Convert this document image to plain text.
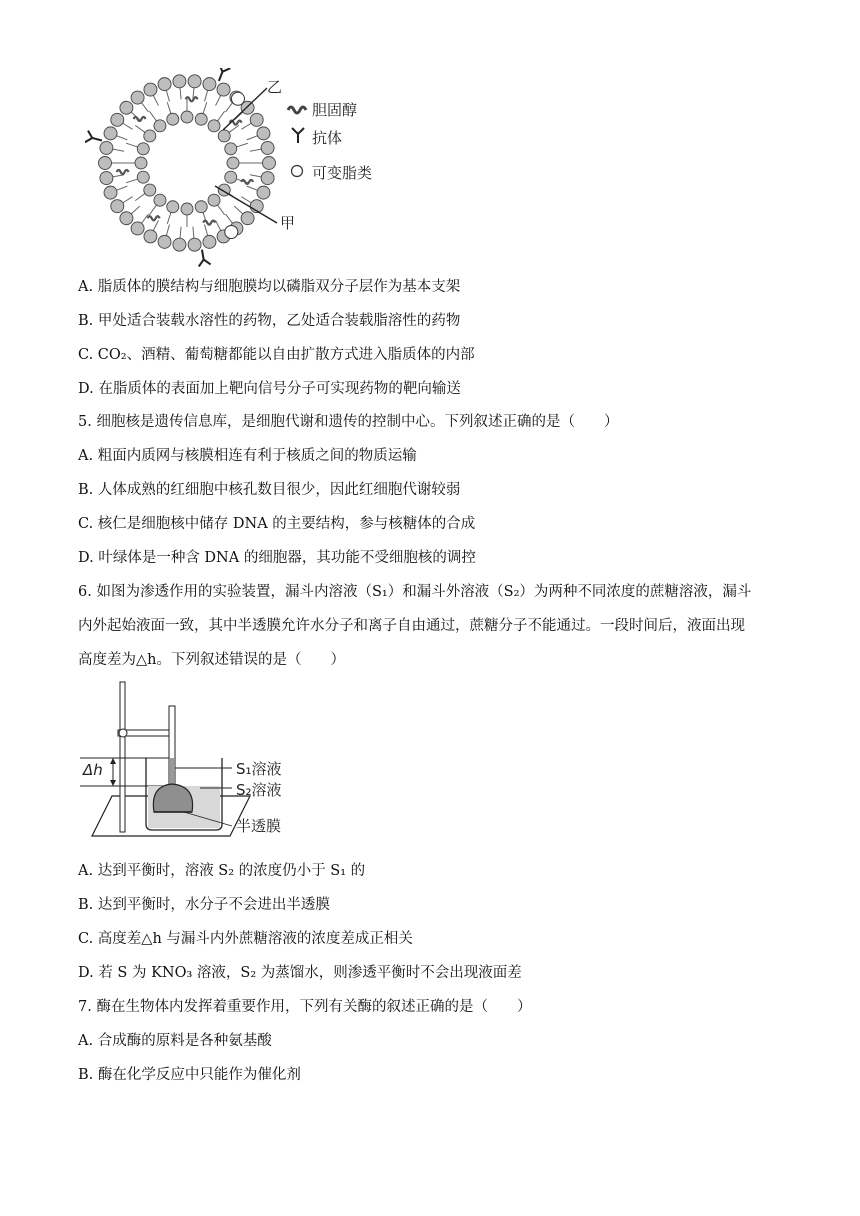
乙
甲
胆固醇
抗体
可变脂类
A. 脂质体的膜结构与细胞膜均以磷脂双分子层作为基本支架
B. 甲处适合装载水溶性的药物，乙处适合装载脂溶性的药物
C. CO₂、酒精、葡萄糖都能以自由扩散方式进入脂质体的内部
D. 在脂质体的表面加上靶向信号分子可实现药物的靶向输送
5. 细胞核是遗传信息库，是细胞代谢和遗传的控制中心。下列叙述正确的是（　　）
A. 粗面内质网与核膜相连有利于核质之间的物质运输
B. 人体成熟的红细胞中核孔数目很少，因此红细胞代谢较弱
C. 核仁是细胞核中储存 DNA 的主要结构，参与核糖体的合成
D. 叶绿体是一种含 DNA 的细胞器，其功能不受细胞核的调控
6. 如图为渗透作用的实验装置，漏斗内溶液（S₁）和漏斗外溶液（S₂）为两种不同浓度的蔗糖溶液，漏斗
内外起始液面一致，其中半透膜允许水分子和离子自由通过，蔗糖分子不能通过。一段时间后，液面出现
高度差为△h。下列叙述错误的是（　　）
Δh	S₁溶液
S₂溶液
半透膜
A. 达到平衡时，溶液 S₂ 的浓度仍小于 S₁ 的
B. 达到平衡时，水分子不会进出半透膜
C. 高度差△h 与漏斗内外蔗糖溶液的浓度差成正相关
D. 若 S 为 KNO₃ 溶液，S₂ 为蒸馏水，则渗透平衡时不会出现液面差
7. 酶在生物体内发挥着重要作用，下列有关酶的叙述正确的是（　　）
A. 合成酶的原料是各种氨基酸
B. 酶在化学反应中只能作为催化剂
